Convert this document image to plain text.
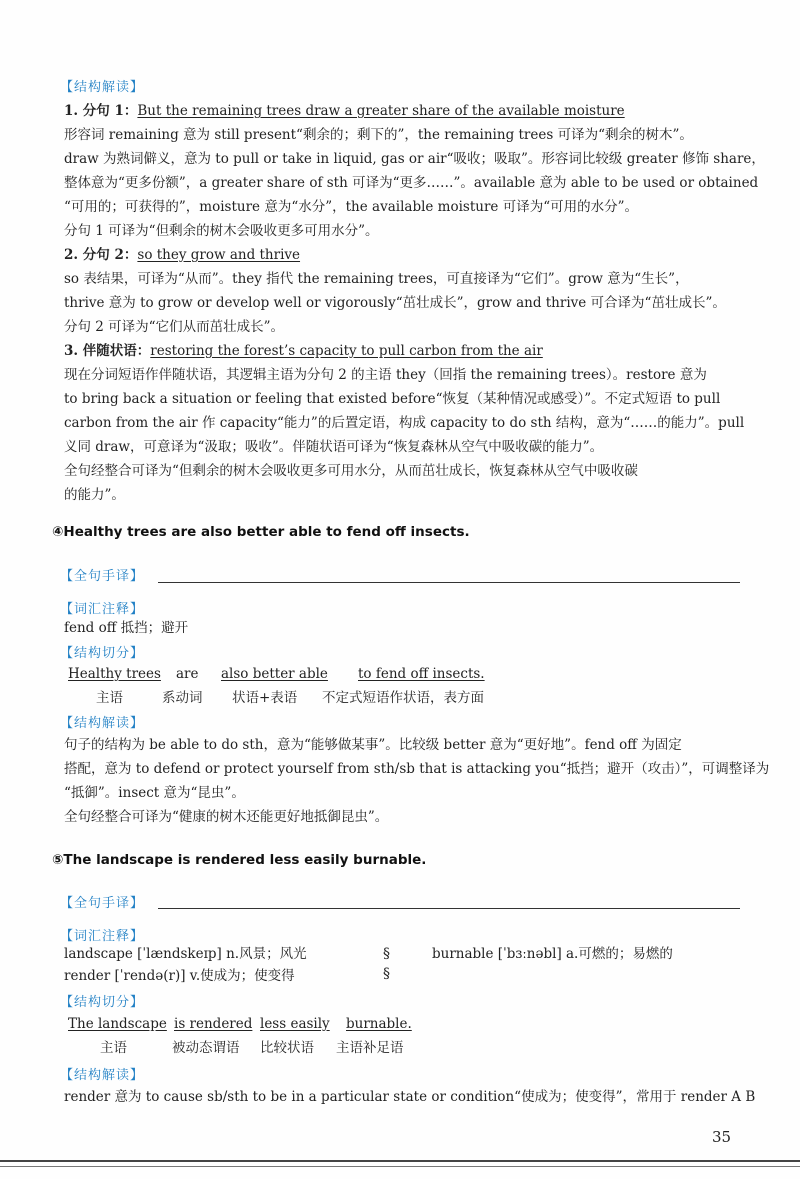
【结构解读】
1. 分句 1：But the remaining trees draw a greater share of the available moisture
形容词 remaining 意为 still present“剩余的；剩下的”，the remaining trees 可译为“剩余的树木”。
draw 为熟词僻义，意为 to pull or take in liquid, gas or air“吸收；吸取”。形容词比较级 greater 修饰 share，
整体意为“更多份额”，a greater share of sth 可译为“更多……”。available 意为 able to be used or obtained
“可用的；可获得的”，moisture 意为“水分”，the available moisture 可译为“可用的水分”。
分句 1 可译为“但剩余的树木会吸收更多可用水分”。
2. 分句 2：so they grow and thrive
so 表结果，可译为“从而”。they 指代 the remaining trees，可直接译为“它们”。grow 意为“生长”，
thrive 意为 to grow or develop well or vigorously“茁壮成长”，grow and thrive 可合译为“茁壮成长”。
分句 2 可译为“它们从而茁壮成长”。
3. 伴随状语：restoring the forest’s capacity to pull carbon from the air
现在分词短语作伴随状语，其逻辑主语为分句 2 的主语 they（回指 the remaining trees）。restore 意为
to bring back a situation or feeling that existed before“恢复（某种情况或感受）”。不定式短语 to pull
carbon from the air 作 capacity“能力”的后置定语，构成 capacity to do sth 结构，意为“……的能力”。pull
义同 draw，可意译为“汲取；吸收”。伴随状语可译为“恢复森林从空气中吸收碳的能力”。
全句经整合可译为“但剩余的树木会吸收更多可用水分，从而茁壮成长，恢复森林从空气中吸收碳
的能力”。
④Healthy trees are also better able to fend off insects.
【全句手译】
【词汇注释】
fend off 抵挡；避开
【结构切分】
Healthy trees are also better able to fend off insects.
主语	系动词 状语+表语 不定式短语作状语，表方面
【结构解读】
句子的结构为 be able to do sth，意为“能够做某事”。比较级 better 意为“更好地”。fend off 为固定
搭配，意为 to defend or protect yourself from sth/sb that is attacking you“抵挡；避开（攻击）”，可调整译为
“抵御”。insect 意为“昆虫”。
全句经整合可译为“健康的树木还能更好地抵御昆虫”。
⑤The landscape is rendered less easily burnable.
【全句手译】
【词汇注释】
landscape [ˈlændskeɪp] n.风景；风光
render [ˈrendə(r)] v.使成为；使变得
§
§
burnable [ˈbɜːnəbl] a.可燃的；易燃的
【结构切分】
The landscape is rendered less easily burnable.
主语	被动态谓语 比较状语 主语补足语
【结构解读】
render 意为 to cause sb/sth to be in a particular state or condition“使成为；使变得”，常用于 render A B
35
